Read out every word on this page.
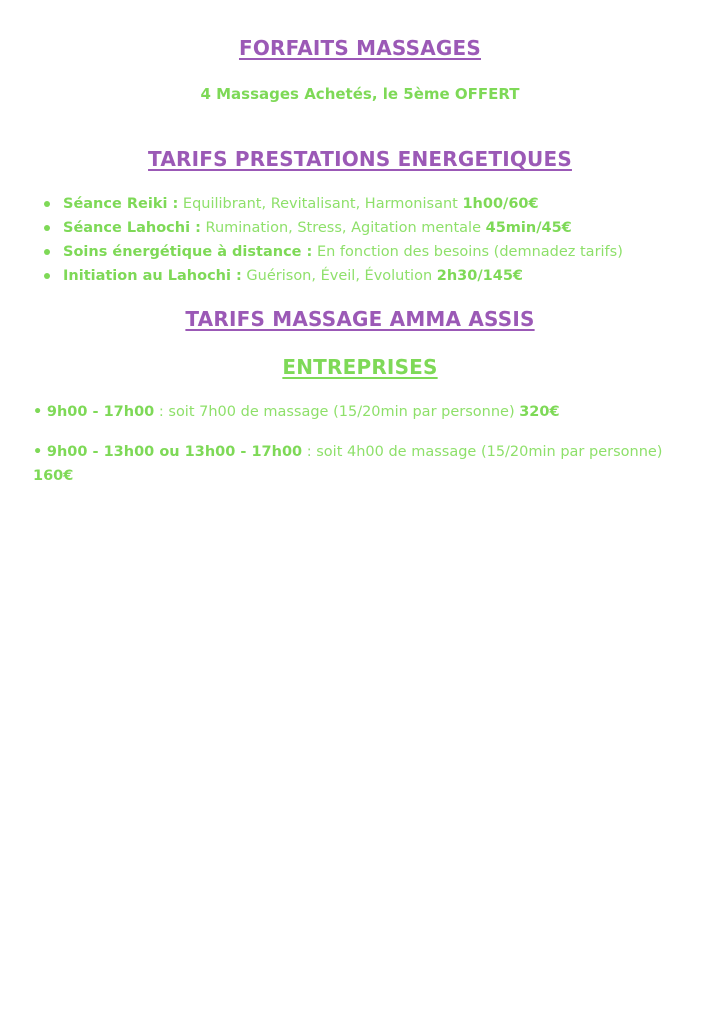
FORFAITS MASSAGES
4 Massages Achetés, le 5ème OFFERT
TARIFS PRESTATIONS ENERGETIQUES
Séance Reiki : Equilibrant, Revitalisant, Harmonisant 1h00/60€
Séance Lahochi : Rumination, Stress, Agitation mentale 45min/45€
Soins énergétique à distance : En fonction des besoins (demnadez tarifs)
Initiation au Lahochi : Guérison, Éveil, Évolution 2h30/145€
TARIFS MASSAGE AMMA ASSIS
ENTREPRISES
• 9h00 - 17h00 : soit 7h00 de massage (15/20min par personne) 320€
• 9h00 - 13h00 ou 13h00 - 17h00 : soit 4h00 de massage (15/20min par personne) 160€
